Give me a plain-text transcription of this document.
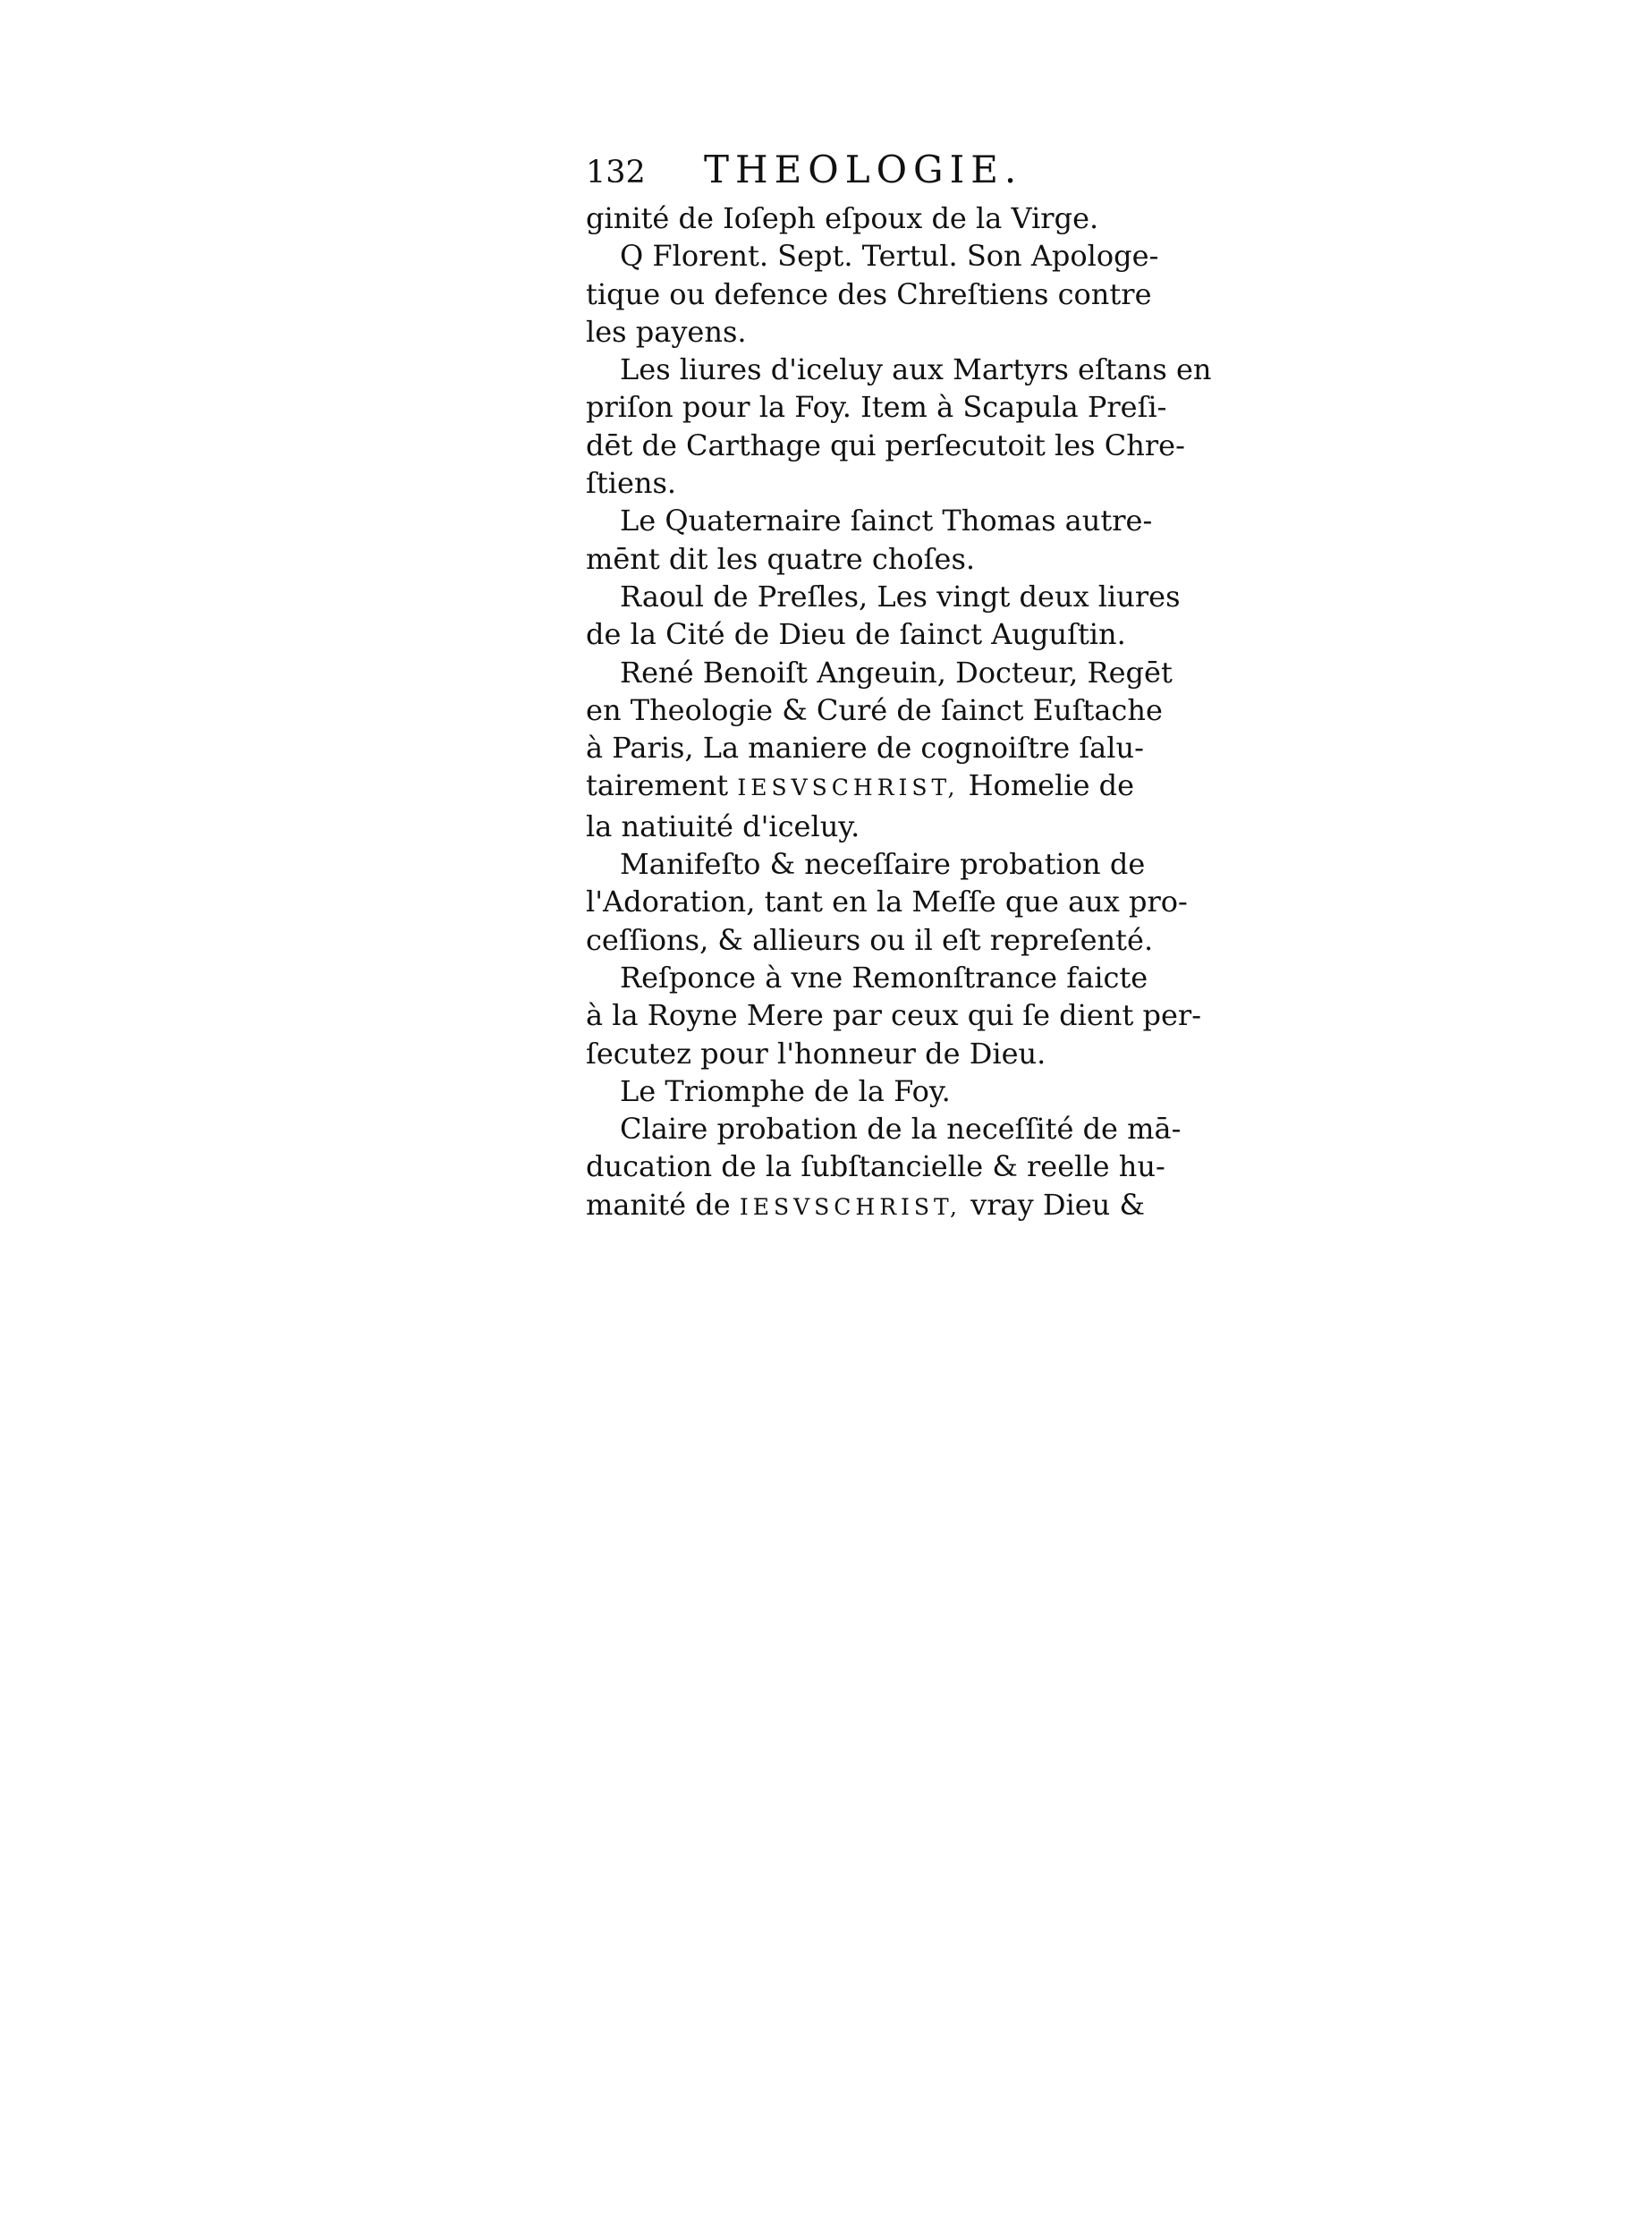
132 THEOLOGIE.
ginité de Ioſeph eſpoux de la Virge.
Q Florent. Sept. Tertul. Son Apologe-
tique ou defence des Chreſtiens contre
les payens.
Les liures d'iceluy aux Martyrs eſtans en
priſon pour la Foy. Item à Scapula Preſi-
dēt de Carthage qui perſecutoit les Chre-
ſtiens.
Le Quaternaire ſainct Thomas autre-
mēnt dit les quatre choſes.
Raoul de Preſles, Les vingt deux liures
de la Cité de Dieu de ſainct Auguſtin.
René Benoiſt Angeuin, Docteur, Regēt
en Theologie & Curé de ſainct Euſtache
à Paris, La maniere de cognoiſtre ſalu-
tairement IESVSCHRIST, Homelie de
la natiuité d'iceluy.
Manifeſto & neceſſaire probation de
l'Adoration, tant en la Meſſe que aux pro-
ceſſions, & allieurs ou il eſt repreſenté.
Reſponce à vne Remonſtrance faicte
à la Royne Mere par ceux qui ſe dient per-
ſecutez pour l'honneur de Dieu.
Le Triomphe de la Foy.
Claire probation de la neceſſité de mā-
ducation de la ſubſtancielle & reelle hu-
manité de IESVSCHRIST, vray Dieu &
